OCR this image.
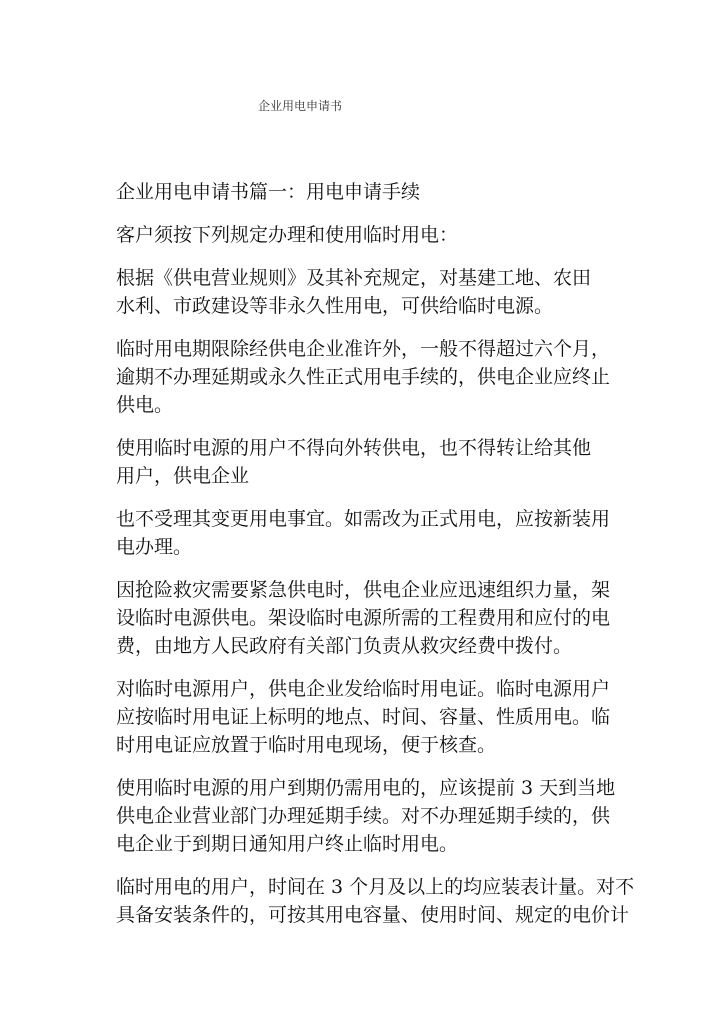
企业用电申请书
企业用电申请书篇一：用电申请手续
客户须按下列规定办理和使用临时用电：
根据《供电营业规则》及其补充规定，对基建工地、农田
水利、市政建设等非永久性用电，可供给临时电源。
临时用电期限除经供电企业准许外，一般不得超过六个月，
逾期不办理延期或永久性正式用电手续的，供电企业应终止
供电。
使用临时电源的用户不得向外转供电，也不得转让给其他
用户，供电企业
也不受理其变更用电事宜。如需改为正式用电，应按新装用
电办理。
因抢险救灾需要紧急供电时，供电企业应迅速组织力量，架
设临时电源供电。架设临时电源所需的工程费用和应付的电
费，由地方人民政府有关部门负责从救灾经费中拨付。
对临时电源用户，供电企业发给临时用电证。临时电源用户
应按临时用电证上标明的地点、时间、容量、性质用电。临
时用电证应放置于临时用电现场，便于核查。
使用临时电源的用户到期仍需用电的，应该提前 3 天到当地
供电企业营业部门办理延期手续。对不办理延期手续的，供
电企业于到期日通知用户终止临时用电。
临时用电的用户，时间在 3 个月及以上的均应装表计量。对不
具备安装条件的，可按其用电容量、使用时间、规定的电价计
